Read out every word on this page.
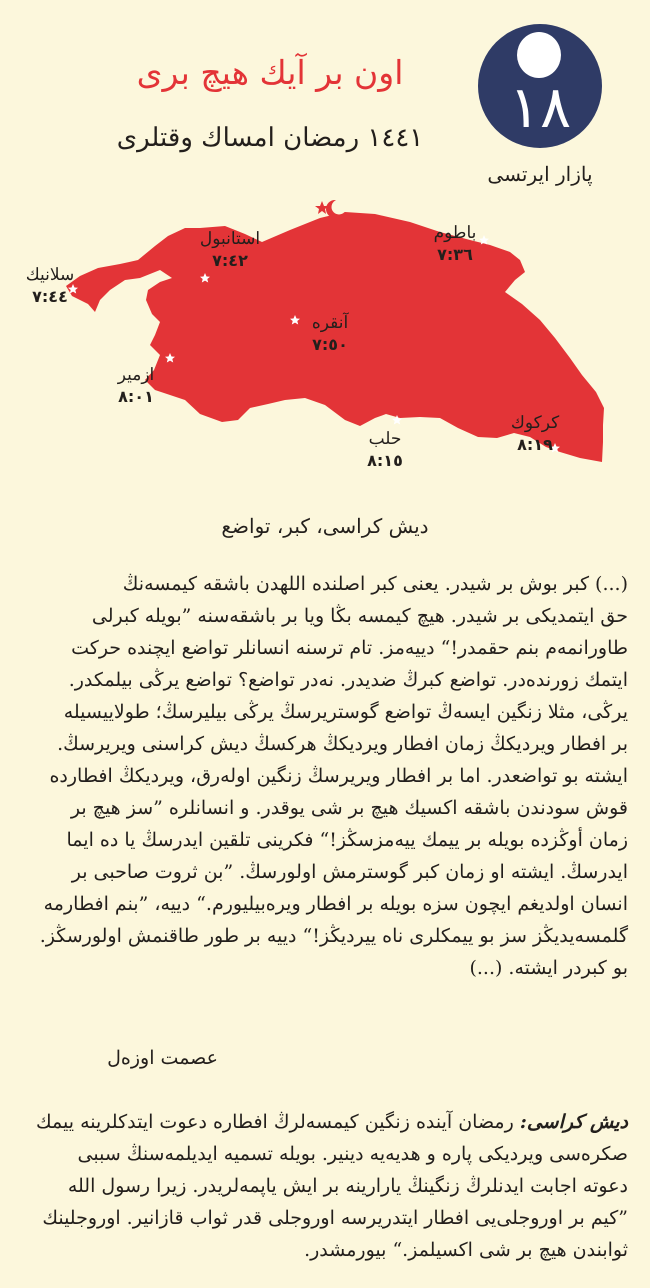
١٨
اون بر آیك هیچ بری
١٤٤١ رمضان امساك وقتلری
پازار ایرتسی
باطوم
٧:٣٦
استانبول
٧:٤٢
سلانیك
٧:٤٤
آنقره
٧:٥٠
ازمیر
٨:٠١
حلب
٨:١٥
كركوك
٨:١٩
دیش كراسی، كبر، تواضع
(...) كبر بوش بر شیدر. یعنی كبر اصلنده اللهدن باشقه كیمسه‌نڭ
حق ایتمدیكی بر شیدر. هیچ كیمسه بڭا ویا بر باشقه‌سنه ”بویله كبرلی
طاورانمه‌م بنم حقمدر!“ دییه‌مز. تام ترسنه انسانلر تواضع ایچنده حركت
ایتمك زورنده‌در. تواضع كبرڭ ضدیدر. نه‌در تواضع؟ تواضع یرڭی بیلمكدر.
یرڭی، مثلا زنگین ایسه‌ڭ تواضع گوستریرسڭ یرڭی بیلیرسڭ؛ طولاییسیله
بر افطار ویردیكڭ زمان افطار ویردیكڭ هركسڭ دیش كراسنی ویریرسڭ.
ایشته بو تواضعدر. اما بر افطار ویریرسڭ زنگین اوله‌رق، ویردیكڭ افطارده
قوش سودندن باشقه اكسیك هیچ بر شی یوقدر. و انسانلره ”سز هیچ بر
زمان أوڭزده بویله بر ییمك ییه‌مزسڭز!“ فكرینی تلقین ایدرسڭ یا ده ایما
ایدرسڭ. ایشته او زمان كبر گوسترمش اولورسڭ. ”بن ثروت صاحبی بر
انسان اولدیغم ایچون سزه بویله بر افطار ویره‌بیلیورم.“ دییه، ”بنم افطارمه
گلمسه‌یدیڭز سز بو ییمكلری ناه ییردیڭز!“ دییه بر طور طاقنمش اولورسڭز.
بو كبردر ایشته. (...)
عصمت اوزه‌ل
دیش كراسی: رمضان آینده زنگین كیمسه‌لرڭ افطاره دعوت ایتدكلرینه ییمك
صكره‌سی ویردیكی پاره و هدیه‌یه دینیر. بویله تسمیه ایدیلمه‌سنڭ سببی
دعوته اجابت ایدنلرڭ زنگینڭ یارارینه بر ایش یاپمه‌لریدر. زیرا رسول الله
”كیم بر اوروجلی‌یی افطار ایتدریرسه اوروجلی قدر ثواب قازانیر. اوروجلینك
ثوابندن هیچ بر شی اكسیلمز.“ بیورمشدر.
